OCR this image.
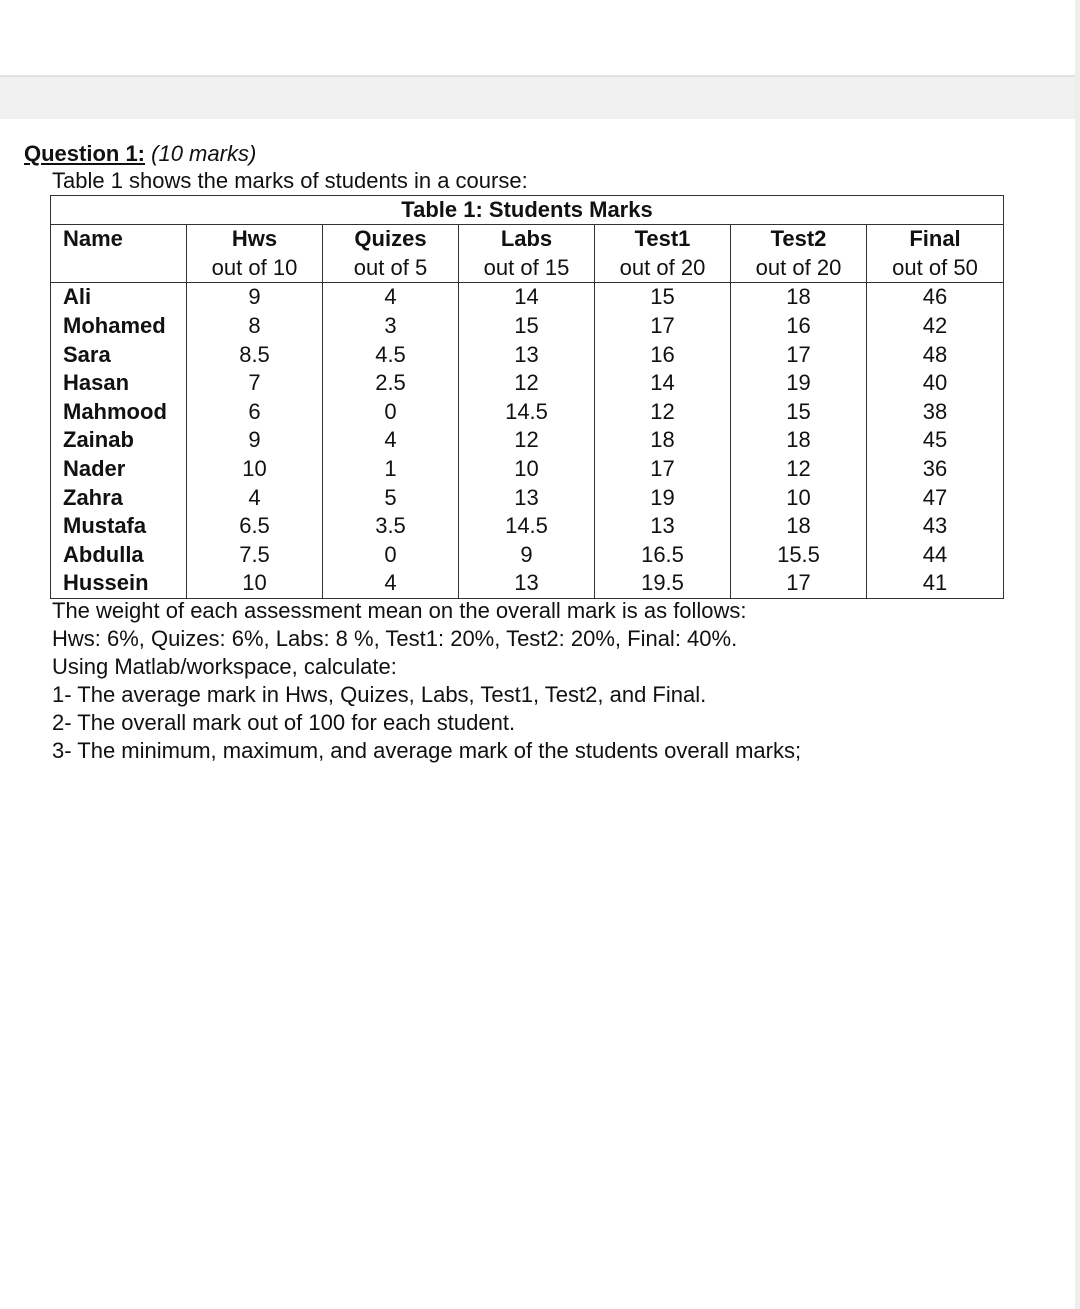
Question 1: (10 marks)
Table 1 shows the marks of students in a course:
Table 1: Students Marks						
Name	Hws	Quizes	Labs	Test1	Test2	Final
	out of 10	out of 5	out of 15	out of 20	out of 20	out of 50
Ali	9	4	14	15	18	46
Mohamed	8	3	15	17	16	42
Sara	8.5	4.5	13	16	17	48
Hasan	7	2.5	12	14	19	40
Mahmood	6	0	14.5	12	15	38
Zainab	9	4	12	18	18	45
Nader	10	1	10	17	12	36
Zahra	4	5	13	19	10	47
Mustafa	6.5	3.5	14.5	13	18	43
Abdulla	7.5	0	9	16.5	15.5	44
Hussein	10	4	13	19.5	17	41
The weight of each assessment mean on the overall mark is as follows:
Hws: 6%, Quizes: 6%, Labs: 8 %, Test1: 20%, Test2: 20%, Final: 40%.
Using Matlab/workspace, calculate:
1- The average mark in Hws, Quizes, Labs, Test1, Test2, and Final.
2- The overall mark out of 100 for each student.
3- The minimum, maximum, and average mark of the students overall marks;
